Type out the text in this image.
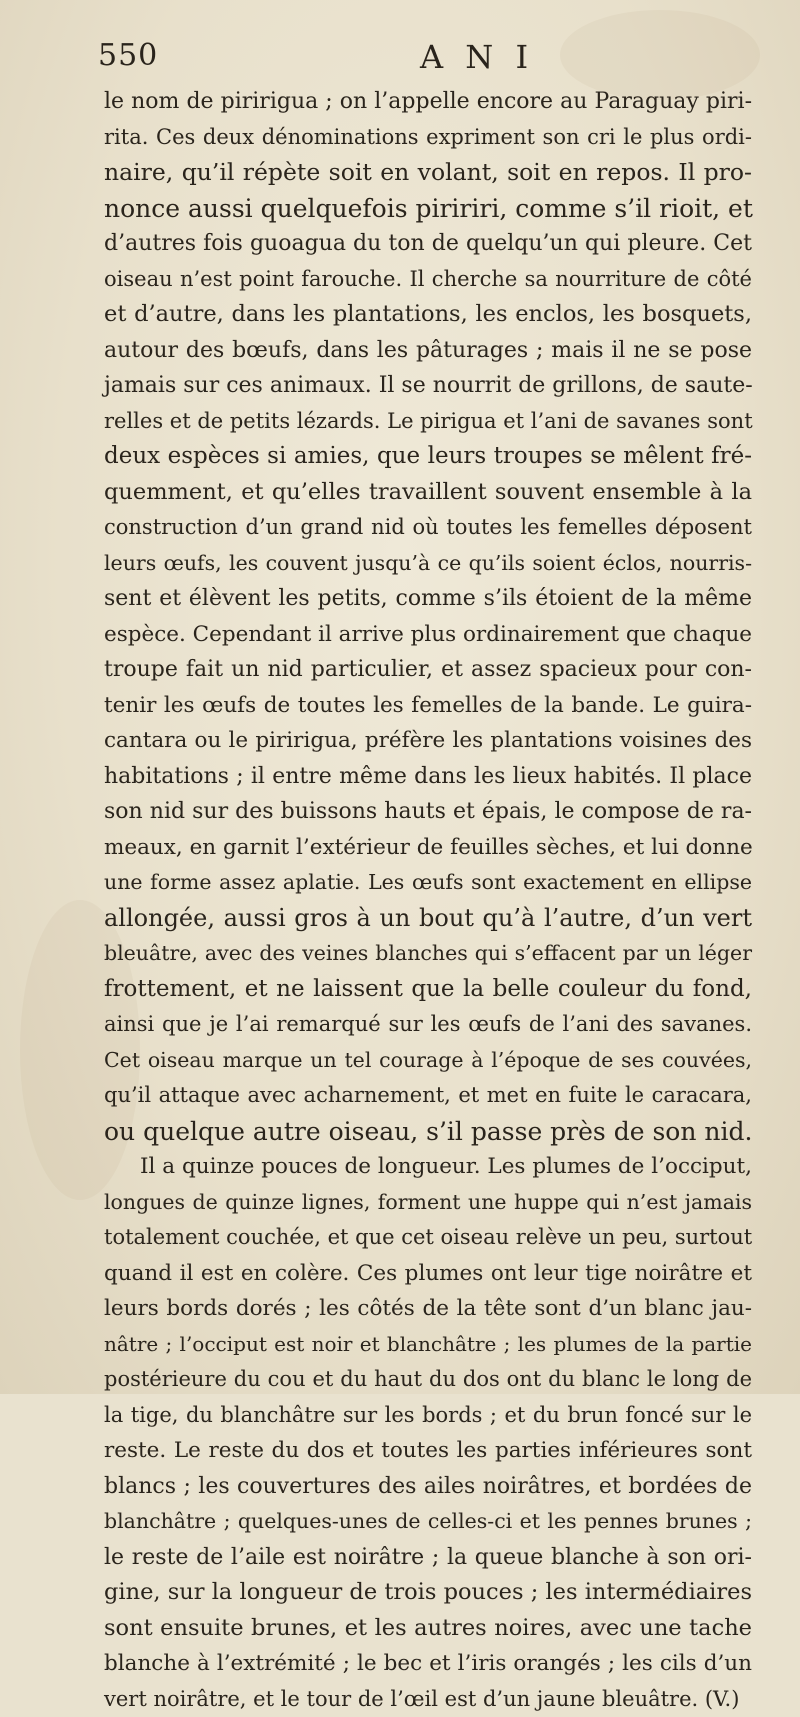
550	A N I
le nom de piririgua ; on l’appelle encore au Paraguay piri-
rita. Ces deux dénominations expriment son cri le plus ordi-
naire, qu’il répète soit en volant, soit en repos. Il pro-
nonce aussi quelquefois piririri, comme s’il rioit, et
d’autres fois guoagua du ton de quelqu’un qui pleure. Cet
oiseau n’est point farouche. Il cherche sa nourriture de côté
et d’autre, dans les plantations, les enclos, les bosquets,
autour des bœufs, dans les pâturages ; mais il ne se pose
jamais sur ces animaux. Il se nourrit de grillons, de saute-
relles et de petits lézards. Le pirigua et l’ani de savanes sont
deux espèces si amies, que leurs troupes se mêlent fré-
quemment, et qu’elles travaillent souvent ensemble à la
construction d’un grand nid où toutes les femelles déposent
leurs œufs, les couvent jusqu’à ce qu’ils soient éclos, nourris-
sent et élèvent les petits, comme s’ils étoient de la même
espèce. Cependant il arrive plus ordinairement que chaque
troupe fait un nid particulier, et assez spacieux pour con-
tenir les œufs de toutes les femelles de la bande. Le guira-
cantara ou le piririgua, préfère les plantations voisines des
habitations ; il entre même dans les lieux habités. Il place
son nid sur des buissons hauts et épais, le compose de ra-
meaux, en garnit l’extérieur de feuilles sèches, et lui donne
une forme assez aplatie. Les œufs sont exactement en ellipse
allongée, aussi gros à un bout qu’à l’autre, d’un vert
bleuâtre, avec des veines blanches qui s’effacent par un léger
frottement, et ne laissent que la belle couleur du fond,
ainsi que je l’ai remarqué sur les œufs de l’ani des savanes.
Cet oiseau marque un tel courage à l’époque de ses couvées,
qu’il attaque avec acharnement, et met en fuite le caracara,
ou quelque autre oiseau, s’il passe près de son nid.
Il a quinze pouces de longueur. Les plumes de l’occiput,
longues de quinze lignes, forment une huppe qui n’est jamais
totalement couchée, et que cet oiseau relève un peu, surtout
quand il est en colère. Ces plumes ont leur tige noirâtre et
leurs bords dorés ; les côtés de la tête sont d’un blanc jau-
nâtre ; l’occiput est noir et blanchâtre ; les plumes de la partie
postérieure du cou et du haut du dos ont du blanc le long de
la tige, du blanchâtre sur les bords ; et du brun foncé sur le
reste. Le reste du dos et toutes les parties inférieures sont
blancs ; les couvertures des ailes noirâtres, et bordées de
blanchâtre ; quelques-unes de celles-ci et les pennes brunes ;
le reste de l’aile est noirâtre ; la queue blanche à son ori-
gine, sur la longueur de trois pouces ; les intermédiaires
sont ensuite brunes, et les autres noires, avec une tache
blanche à l’extrémité ; le bec et l’iris orangés ; les cils d’un
vert noirâtre, et le tour de l’œil est d’un jaune bleuâtre. (V.)
